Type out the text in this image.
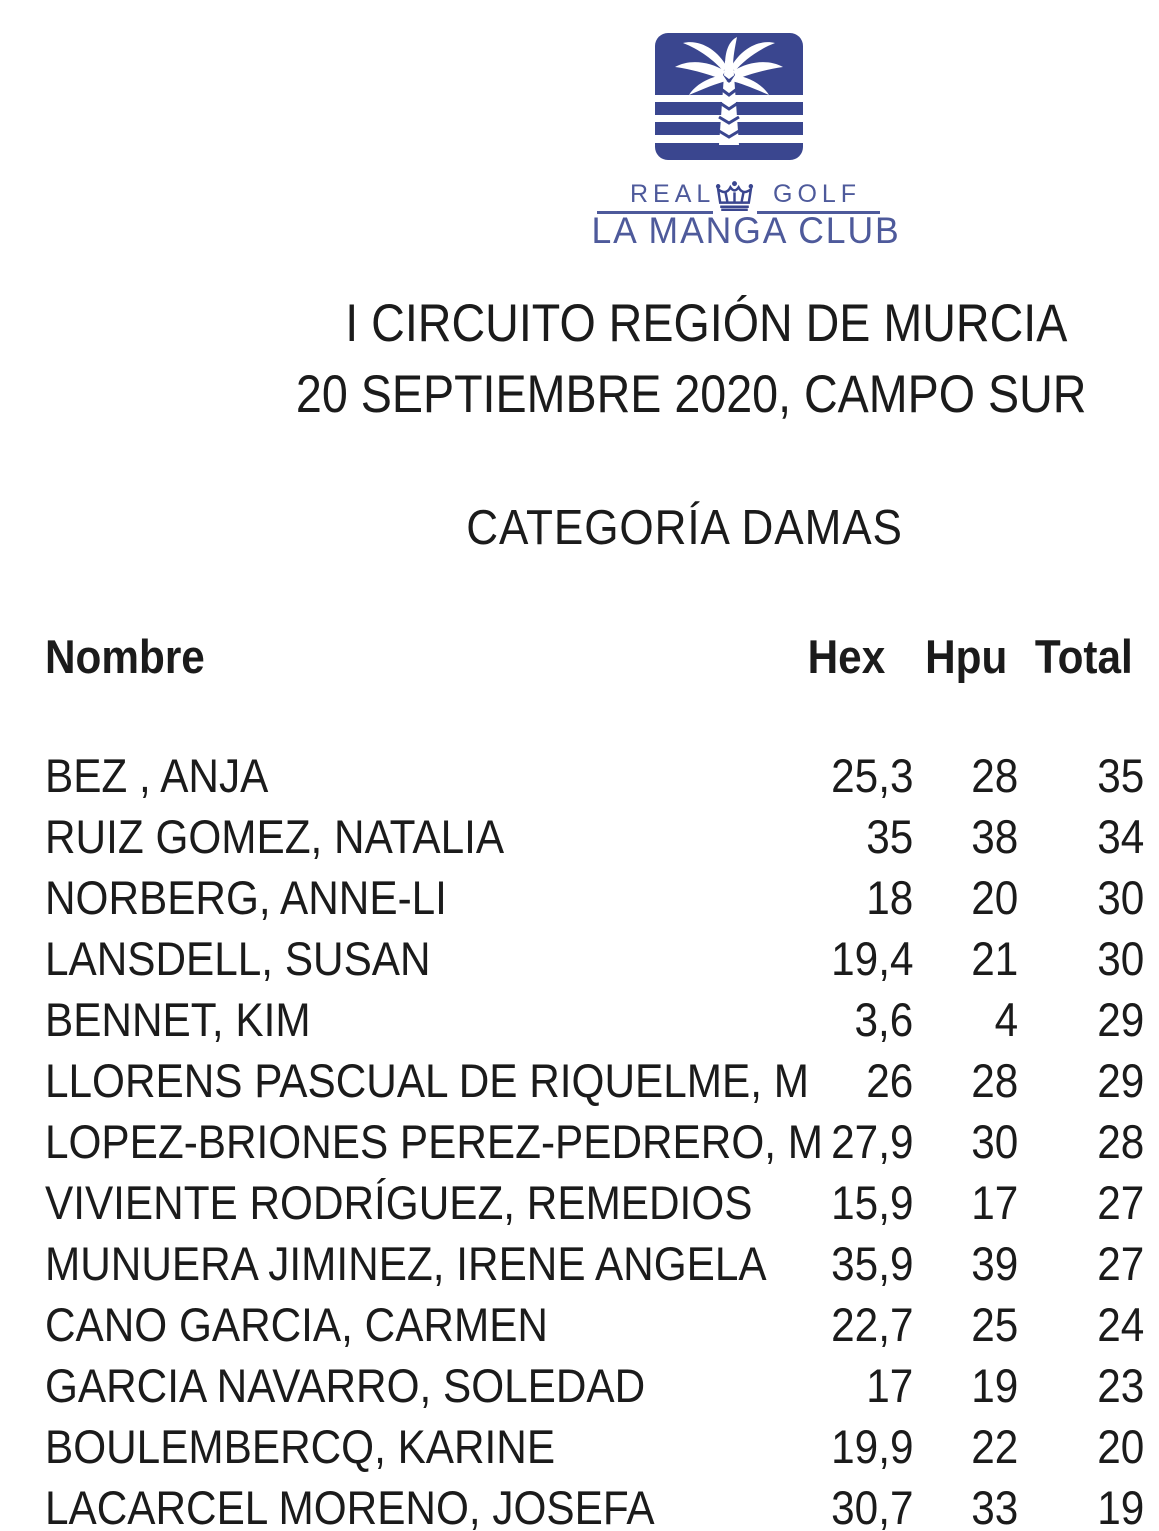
REAL GOLF
LA MANGA CLUB
I CIRCUITO REGIÓN DE MURCIA
20 SEPTIEMBRE 2020, CAMPO SUR
CATEGORÍA DAMAS
Nombre	Hex Hpu Total
BEZ , ANJA	25,3 28 35
RUIZ GOMEZ, NATALIA	35 38 34
NORBERG, ANNE-LI	18 20 30
LANSDELL, SUSAN	19,4 21 30
BENNET, KIM	3,6 4 29
LLORENS PASCUAL DE RIQUELME, M	26 28 29
LOPEZ-BRIONES PEREZ-PEDRERO, M 27,9 30 28
VIVIENTE RODRÍGUEZ, REMEDIOS	15,9 17 27
MUNUERA JIMINEZ, IRENE ANGELA	35,9 39 27
CANO GARCIA, CARMEN	22,7 25 24
GARCIA NAVARRO, SOLEDAD	17 19 23
BOULEMBERCQ, KARINE	19,9 22 20
LACARCEL MORENO, JOSEFA	30,7 33 19
